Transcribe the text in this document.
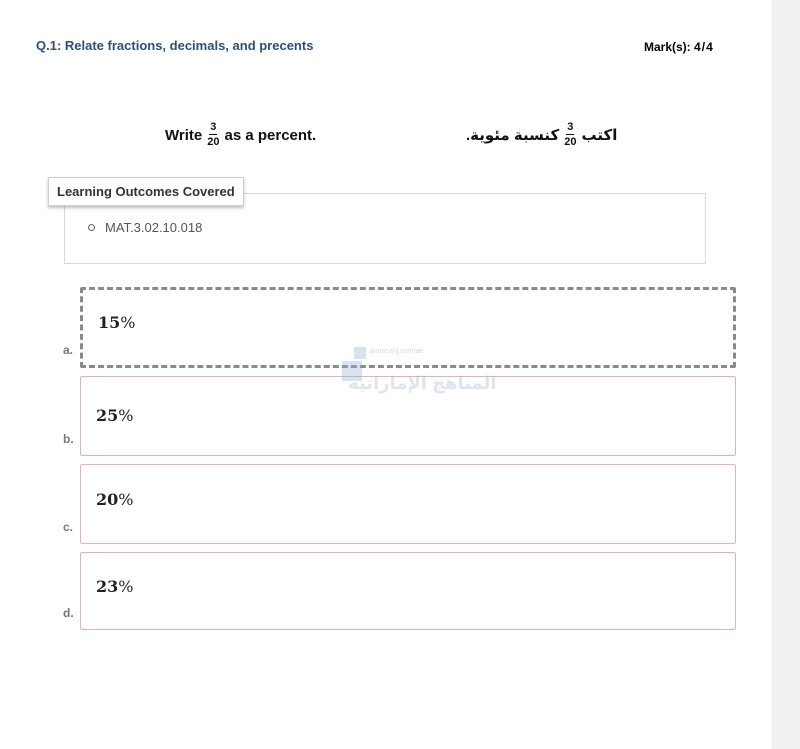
Q.1: Relate fractions, decimals, and precents	Mark(s): 4/4
Write $\frac{3}{20}$ as a percent.	اكتب
$\frac{3}{20}$
كنسبة مئوية.
Learning Outcomes Covered
MAT.3.02.10.018
a.
15%
b.
25%
c.
20%
d.
23%
almanahj.com/ae
المناهج الإماراتية
